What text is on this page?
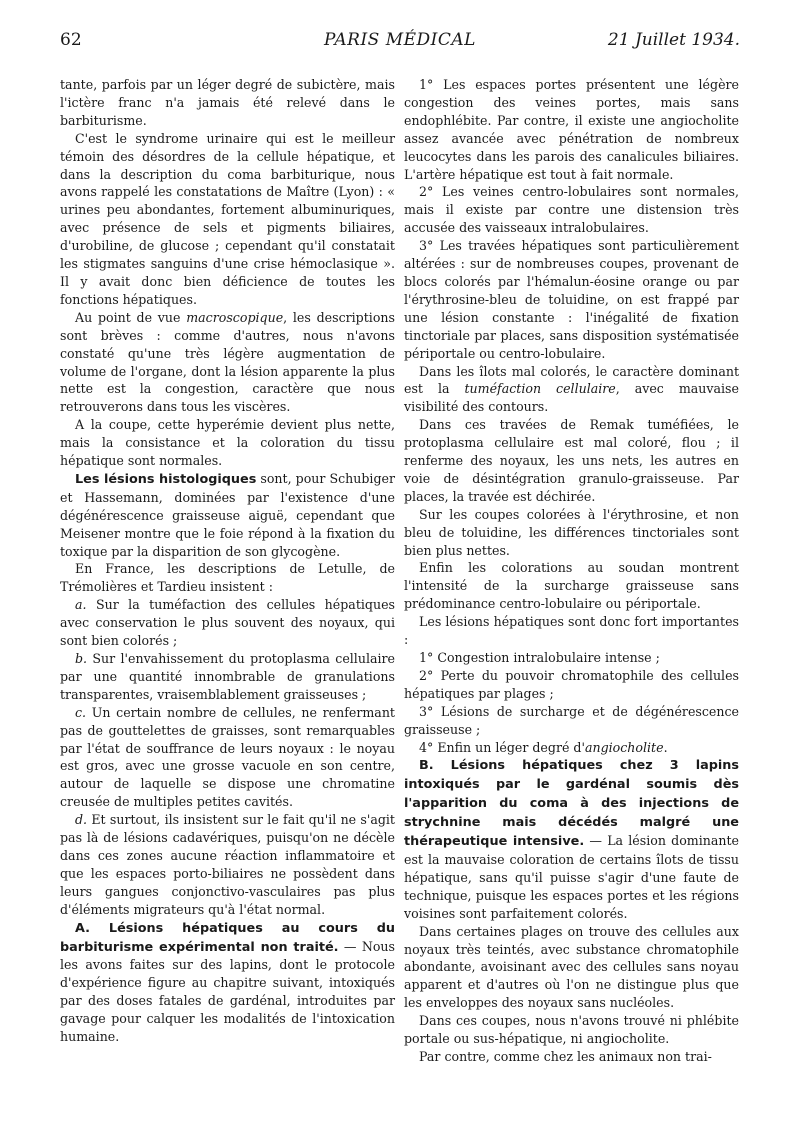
62	PARIS MÉDICAL	21 Juillet 1934.

tante, parfois par un léger degré de subictère, mais l'ictère franc n'a jamais été relevé dans le barbiturisme.

C'est le syndrome urinaire qui est le meilleur témoin des désordres de la cellule hépatique, et dans la description du coma barbiturique, nous avons rappelé les constatations de Maître (Lyon) : « urines peu abondantes, fortement albuminuriques, avec présence de sels et pigments biliaires, d'urobiline, de glucose ; cependant qu'il constatait les stigmates sanguins d'une crise hémoclasique ». Il y avait donc bien déficience de toutes les fonctions hépatiques.

Au point de vue macroscopique, les descriptions sont brèves : comme d'autres, nous n'avons constaté qu'une très légère augmentation de volume de l'organe, dont la lésion apparente la plus nette est la congestion, caractère que nous retrouverons dans tous les viscères.

A la coupe, cette hyperémie devient plus nette, mais la consistance et la coloration du tissu hépatique sont normales.

Les lésions histologiques sont, pour Schubiger et Hassemann, dominées par l'existence d'une dégénérescence graisseuse aiguë, cependant que Meisener montre que le foie répond à la fixation du toxique par la disparition de son glycogène.

En France, les descriptions de Letulle, de Trémolières et Tardieu insistent :

a. Sur la tuméfaction des cellules hépatiques avec conservation le plus souvent des noyaux, qui sont bien colorés ;

b. Sur l'envahissement du protoplasma cellulaire par une quantité innombrable de granulations transparentes, vraisemblablement graisseuses ;

c. Un certain nombre de cellules, ne renfermant pas de gouttelettes de graisses, sont remarquables par l'état de souffrance de leurs noyaux : le noyau est gros, avec une grosse vacuole en son centre, autour de laquelle se dispose une chromatine creusée de multiples petites cavités.

d. Et surtout, ils insistent sur le fait qu'il ne s'agit pas là de lésions cadavériques, puisqu'on ne décèle dans ces zones aucune réaction inflammatoire et que les espaces porto-biliaires ne possèdent dans leurs gangues conjonctivo-vasculaires pas plus d'éléments migrateurs qu'à l'état normal.

A. Lésions hépatiques au cours du barbiturisme expérimental non traité. — Nous les avons faites sur des lapins, dont le protocole d'expérience figure au chapitre suivant, intoxiqués par des doses fatales de gardénal, introduites par gavage pour calquer les modalités de l'intoxication humaine.

1° Les espaces portes présentent une légère congestion des veines portes, mais sans endophlébite. Par contre, il existe une angiocholite assez avancée avec pénétration de nombreux leucocytes dans les parois des canalicules biliaires. L'artère hépatique est tout à fait normale.

2° Les veines centro-lobulaires sont normales, mais il existe par contre une distension très accusée des vaisseaux intralobulaires.

3° Les travées hépatiques sont particulièrement altérées : sur de nombreuses coupes, provenant de blocs colorés par l'hémalun-éosine orange ou par l'érythrosine-bleu de toluidine, on est frappé par une lésion constante : l'inégalité de fixation tinctoriale par places, sans disposition systématisée périportale ou centro-lobulaire.

Dans les îlots mal colorés, le caractère dominant est la tuméfaction cellulaire, avec mauvaise visibilité des contours.

Dans ces travées de Remak tuméfiées, le protoplasma cellulaire est mal coloré, flou ; il renferme des noyaux, les uns nets, les autres en voie de désintégration granulo-graisseuse. Par places, la travée est déchirée.

Sur les coupes colorées à l'érythrosine, et non bleu de toluidine, les différences tinctoriales sont bien plus nettes.

Enfin les colorations au soudan montrent l'intensité de la surcharge graisseuse sans prédominance centro-lobulaire ou périportale.

Les lésions hépatiques sont donc fort importantes :

1° Congestion intralobulaire intense ;

2° Perte du pouvoir chromatophile des cellules hépatiques par plages ;

3° Lésions de surcharge et de dégénérescence graisseuse ;

4° Enfin un léger degré d'angiocholite.

B. Lésions hépatiques chez 3 lapins intoxiqués par le gardénal soumis dès l'apparition du coma à des injections de strychnine mais décédés malgré une thérapeutique intensive. — La lésion dominante est la mauvaise coloration de certains îlots de tissu hépatique, sans qu'il puisse s'agir d'une faute de technique, puisque les espaces portes et les régions voisines sont parfaitement colorés.

Dans certaines plages on trouve des cellules aux noyaux très teintés, avec substance chromatophile abondante, avoisinant avec des cellules sans noyau apparent et d'autres où l'on ne distingue plus que les enveloppes des noyaux sans nucléoles.

Dans ces coupes, nous n'avons trouvé ni phlébite portale ou sus-hépatique, ni angiocholite.

Par contre, comme chez les animaux non trai-
